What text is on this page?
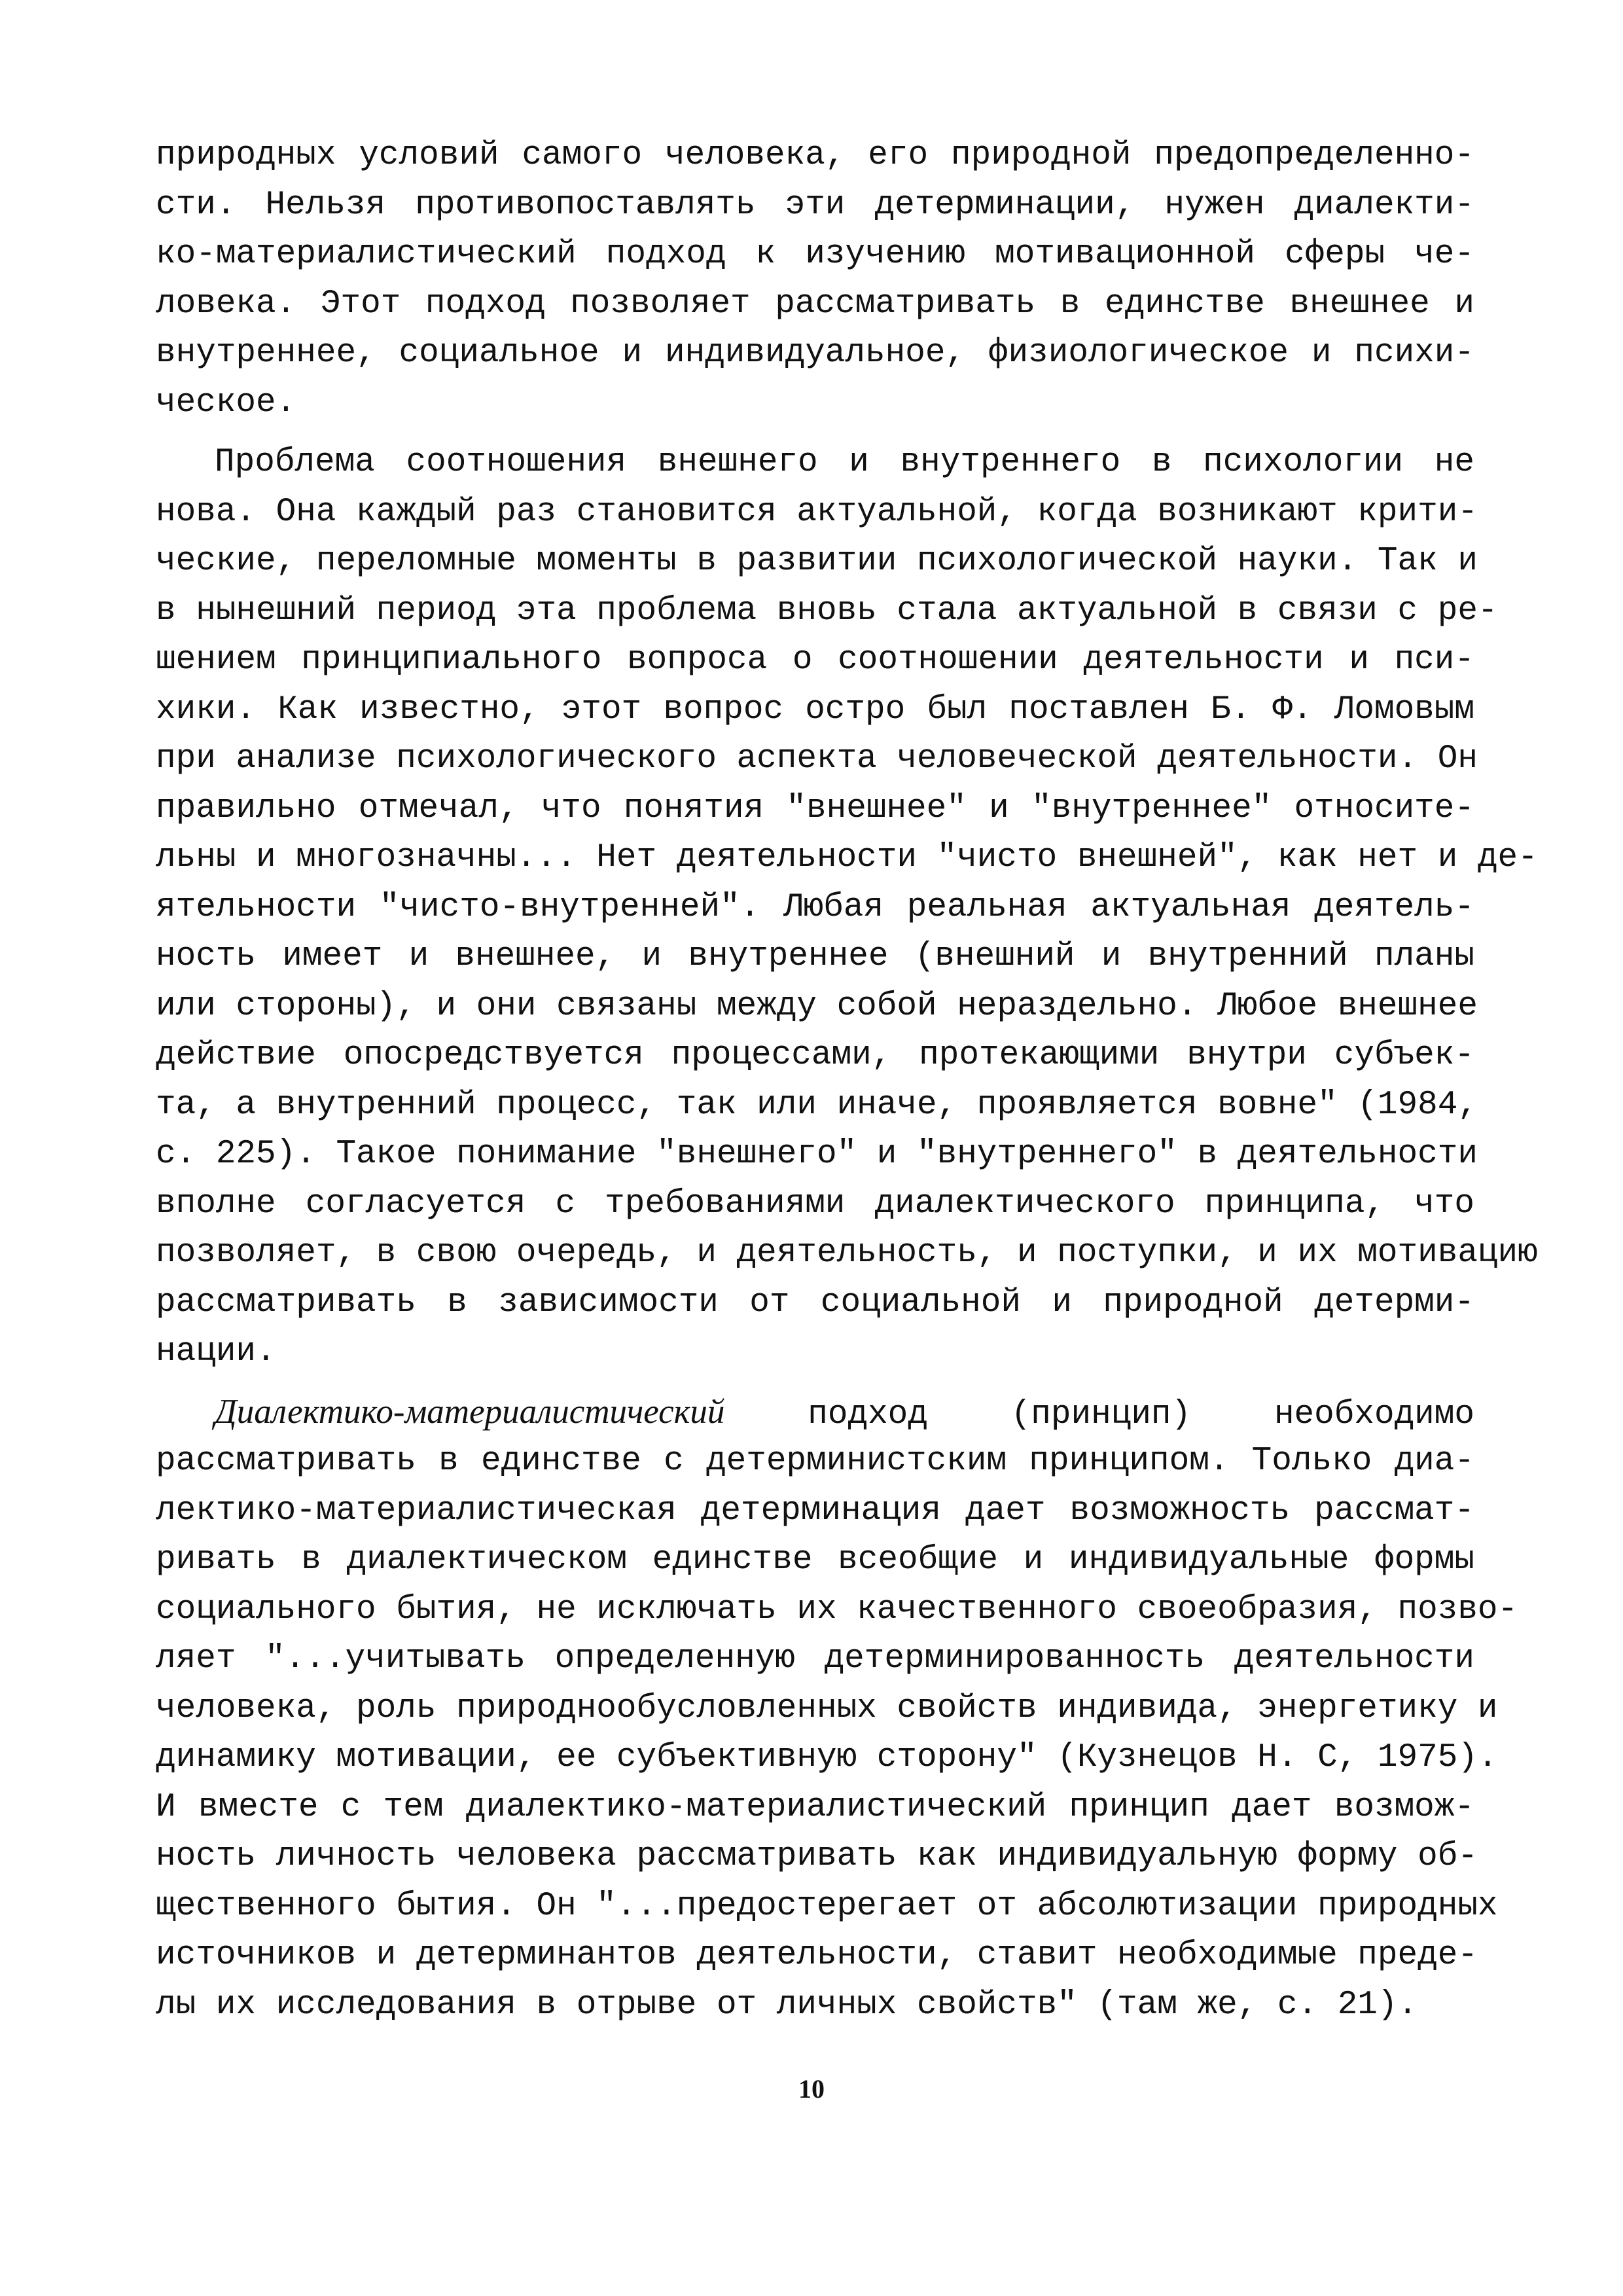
природных условий самого человека, его природной предопределенно-
сти. Нельзя противопоставлять эти детерминации, нужен диалекти-
ко-материалистический подход к изучению мотивационной сферы че-
ловека. Этот подход позволяет рассматривать в единстве внешнее и
внутреннее, социальное и индивидуальное, физиологическое и психи-
ческое.
Проблема соотношения внешнего и внутреннего в психологии не
нова. Она каждый раз становится актуальной, когда возникают крити-
ческие, переломные моменты в развитии психологической науки. Так и
в нынешний период эта проблема вновь стала актуальной в связи с ре-
шением принципиального вопроса о соотношении деятельности и пси-
хики. Как известно, этот вопрос остро был поставлен Б. Ф. Ломовым
при анализе психологического аспекта человеческой деятельности. Он
правильно отмечал, что понятия "внешнее" и "внутреннее" относите-
льны и многозначны... Нет деятельности "чисто внешней", как нет и де-
ятельности "чисто-внутренней". Любая реальная актуальная деятель-
ность имеет и внешнее, и внутреннее (внешний и внутренний планы
или стороны), и они связаны между собой нераздельно. Любое внешнее
действие опосредствуется процессами, протекающими внутри субъек-
та, а внутренний процесс, так или иначе, проявляется вовне" (1984,
с. 225). Такое понимание "внешнего" и "внутреннего" в деятельности
вполне согласуется с требованиями диалектического принципа, что
позволяет, в свою очередь, и деятельность, и поступки, и их мотивацию
рассматривать в зависимости от социальной и природной детерми-
нации.
Диалектико-материалистический подход (принцип) необходимо
рассматривать в единстве с детерминистским принципом. Только диа-
лектико-материалистическая детерминация дает возможность рассмат-
ривать в диалектическом единстве всеобщие и индивидуальные формы
социального бытия, не исключать их качественного своеобразия, позво-
ляет "...учитывать определенную детерминированность деятельности
человека, роль природнообусловленных свойств индивида, энергетику и
динамику мотивации, ее субъективную сторону" (Кузнецов Н. С, 1975).
И вместе с тем диалектико-материалистический принцип дает возмож-
ность личность человека рассматривать как индивидуальную форму об-
щественного бытия. Он "...предостерегает от абсолютизации природных
источников и детерминантов деятельности, ставит необходимые преде-
лы их исследования в отрыве от личных свойств" (там же, с. 21).
10
